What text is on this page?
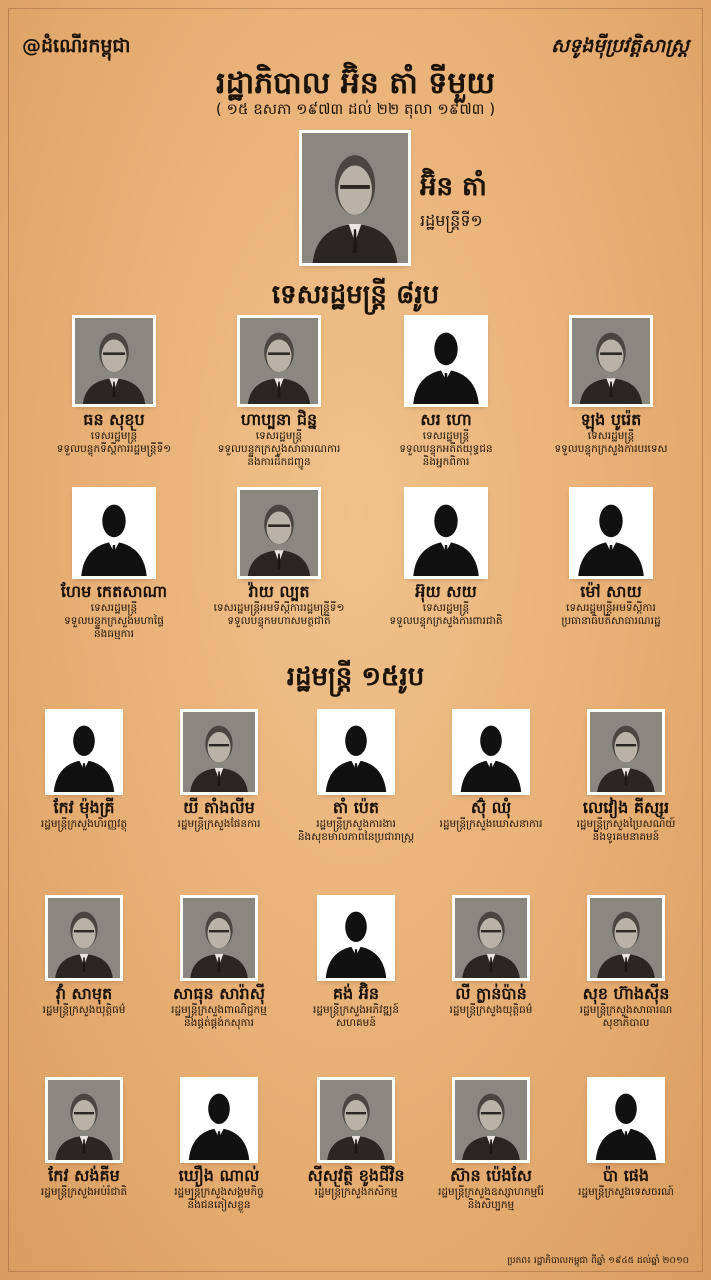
@ដំណើរកម្ពុជា	សទូងម៉ីប្រវត្តិសាស្ត្រ
រដ្ឋាភិបាល អ៊ិន តាំ ទីមួយ
( ១៥ ឧសភា ១៩៧៣ ដល់ ២២ តុលា ១៩៧៣ )
អ៊ិន តាំ
រដ្ឋមន្ត្រីទី១
ទេសរដ្ឋមន្ត្រី ៨រូប
រដ្ឋមន្ត្រី ១៥រូប
ធន សុខុប
ទេសរដ្ឋមន្ត្រី
ទទួលបន្ទុកទីស្តីការរដ្ឋមន្ត្រីទី១
ហាប្បនា ជិន្ន
ទេសរដ្ឋមន្ត្រី
ទទួលបន្ទុកក្រសួងសាធារណការ
និងការដឹកជញ្ជូន
សរ ហោ
ទេសរដ្ឋមន្ត្រី
ទទួលបន្ទុកអតីតយុទ្ធជន
និងអ្នកពិការ
ឡុង បូរ៉េត
ទេសរដ្ឋមន្ត្រី
ទទួលបន្ទុកក្រសួងការបរទេស
ហែម កេតសាណា
ទេសរដ្ឋមន្ត្រី
ទទួលបន្ទុកក្រសួងមហាផ្ទៃ
និងធម្មការ
វ៉ាយ ល្បត
ទេសរដ្ឋមន្ត្រីអមទីស្តីការរដ្ឋមន្ត្រីទី១
ទទួលបន្ទុកមហាសមត្ថជាតិ
អ៊ុយ សយ
ទេសរដ្ឋមន្ត្រី
ទទួលបន្ទុកក្រសួងការពារជាតិ
ម៉ៅ សាយ
ទេសរដ្ឋមន្ត្រីអមទីស្តីការ
ប្រធានាធិបតីសាធារណរដ្ឋ
កែវ ម៉ុងគ្រី
រដ្ឋមន្ត្រីក្រសួងហិរញ្ញវត្ថុ
យី តាំងលីម
រដ្ឋមន្ត្រីក្រសួងផែនការ
តាំ ប៉េត
រដ្ឋមន្ត្រីក្រសួងការងារ
និងសុខមាលភាពនៃប្រជារាស្ត្រ
ស៊ុំ ឈុំ
រដ្ឋមន្ត្រីក្រសួងឃោសនាការ
លេវៀង គីស្សរ
រដ្ឋមន្ត្រីក្រសួងប្រៃសណីយ៍
និងទូរគមនាគមន៍
វ៉ាំ សាមុត
រដ្ឋមន្ត្រីក្រសួងយុត្តិធម៌
សាធុន សារ៉ាស៊ី
រដ្ឋមន្ត្រីក្រសួងពាណិជ្ជកម្ម
និងផ្គត់ផ្គង់កសុការ
គង់ អ៊ិន
រដ្ឋមន្ត្រីក្រសួងអភិវឌ្ឍន៍
សហគមន៍
លី ក្លាន់ប៉ាន់
រដ្ឋមន្ត្រីក្រសួងយុត្តិធម៌
សុខ ហ៊ាងស៊ីន
រដ្ឋមន្ត្រីក្រសួងសាធារណ
សុខាភិបាល
កែវ សង់គីម
រដ្ឋមន្ត្រីក្រសួងអប់រំជាតិ
ឃឿង ណាល់
រដ្ឋមន្ត្រីក្រសួងសង្គមកិច្ច
និងជនភៀសខ្លួន
ស៊ីសុវត្ថិ ខូងជីវិន
រដ្ឋមន្ត្រីក្រសួងកសិកម្ម
ស៊ាន ប៉េងសែ
រដ្ឋមន្ត្រីក្រសួងឧស្សាហកម្មរ៉ែ
និងសិប្បកម្ម
ប៉ា ផេង
រដ្ឋមន្ត្រីក្រសួងទេសចរណ៍
ប្រភព៖ រដ្ឋាភិបាលកម្ពុជា ពីឆ្នាំ ១៩៤៥ ដល់ឆ្នាំ ២០១០
